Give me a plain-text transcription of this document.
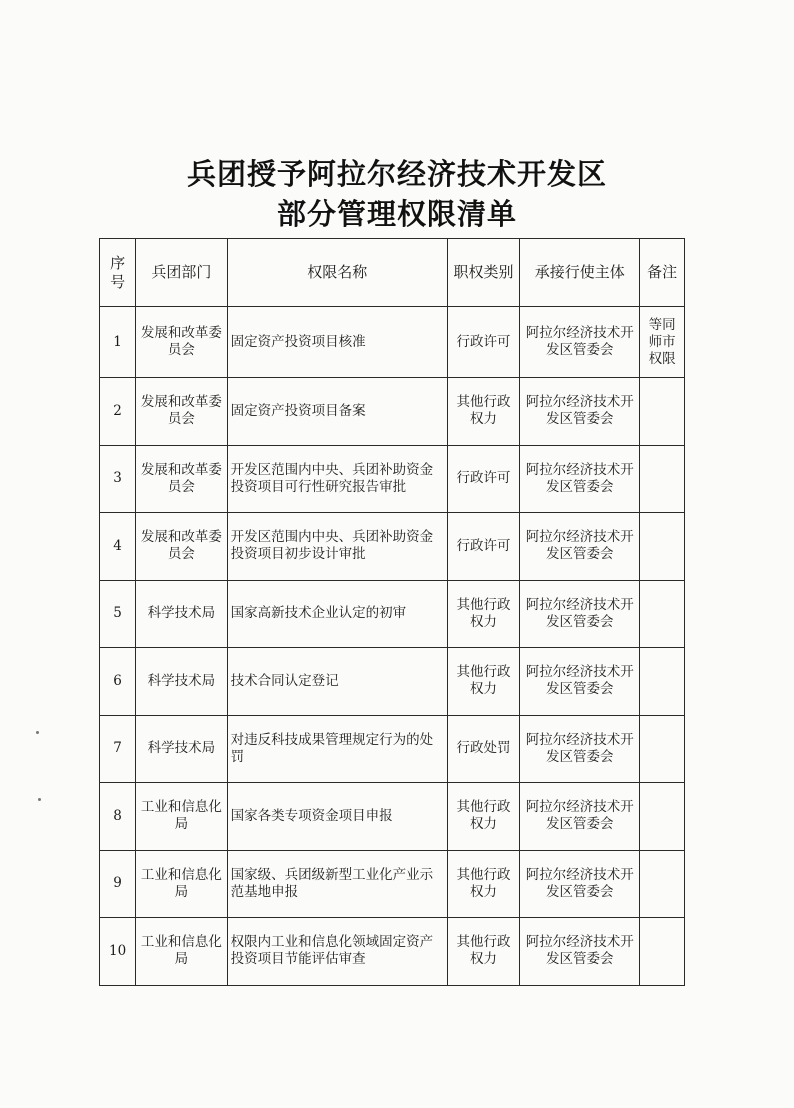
兵团授予阿拉尔经济技术开发区
部分管理权限清单
序号	兵团部门	权限名称	职权类别	承接行使主体	备注
1	发展和改革委员会	固定资产投资项目核准	行政许可	阿拉尔经济技术开发区管委会	等同师市权限
2	发展和改革委员会	固定资产投资项目备案	其他行政权力	阿拉尔经济技术开发区管委会	
3	发展和改革委员会	开发区范围内中央、兵团补助资金投资项目可行性研究报告审批	行政许可	阿拉尔经济技术开发区管委会	
4	发展和改革委员会	开发区范围内中央、兵团补助资金投资项目初步设计审批	行政许可	阿拉尔经济技术开发区管委会	
5	科学技术局	国家高新技术企业认定的初审	其他行政权力	阿拉尔经济技术开发区管委会	
6	科学技术局	技术合同认定登记	其他行政权力	阿拉尔经济技术开发区管委会	
7	科学技术局	对违反科技成果管理规定行为的处罚	行政处罚	阿拉尔经济技术开发区管委会	
8	工业和信息化局	国家各类专项资金项目申报	其他行政权力	阿拉尔经济技术开发区管委会	
9	工业和信息化局	国家级、兵团级新型工业化产业示范基地申报	其他行政权力	阿拉尔经济技术开发区管委会	
10	工业和信息化局	权限内工业和信息化领域固定资产投资项目节能评估审查	其他行政权力	阿拉尔经济技术开发区管委会	
